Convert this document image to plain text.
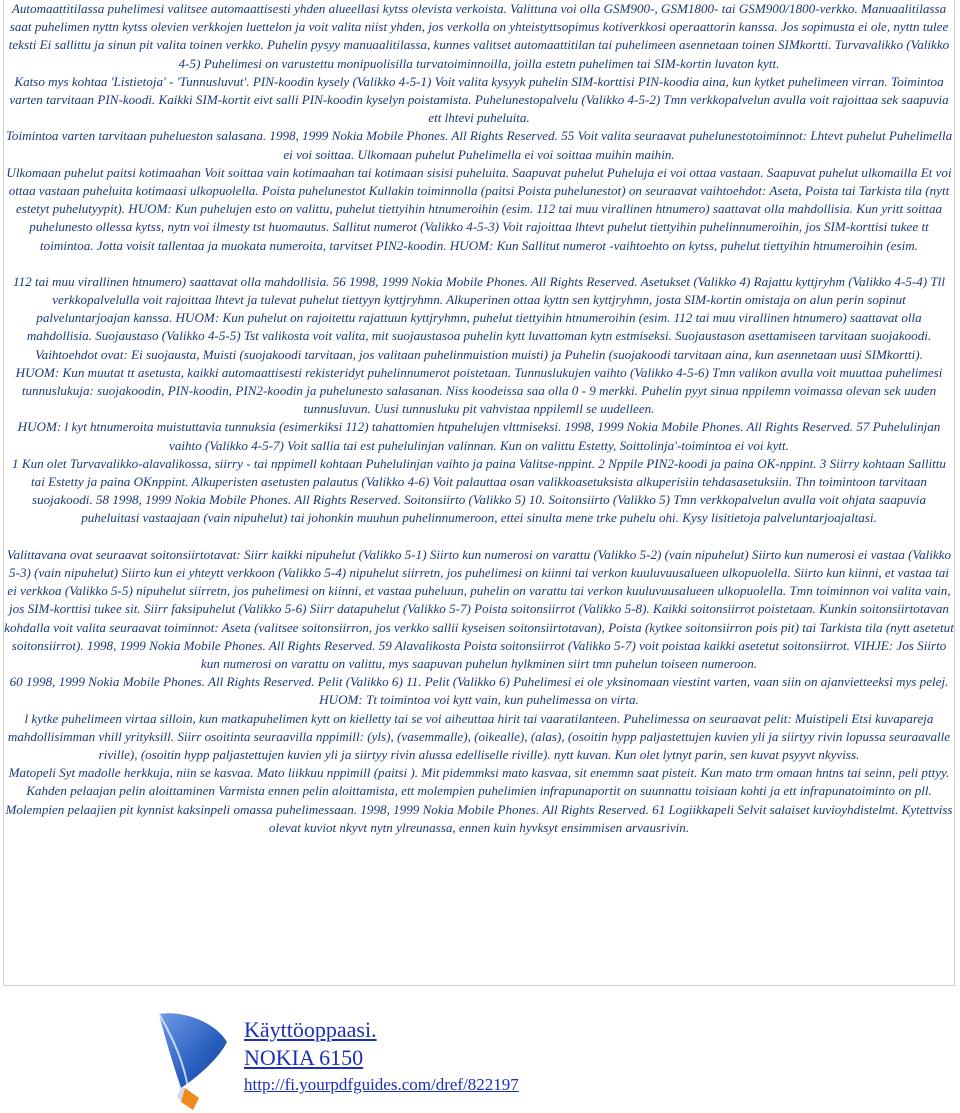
Automaattitilassa puhelimesi valitsee automaattisesti yhden alueellasi kytss olevista verkoista. Valittuna voi olla GSM900-, GSM1800- tai GSM900/1800-verkko. Manuaalitilassa saat puhelimen nyttn kytss olevien verkkojen luettelon ja voit valita niist yhden, jos verkolla on yhteistyttsopimus kotiverkkosi operaattorin kanssa. Jos sopimusta ei ole, nyttn tulee teksti Ei sallittu ja sinun pit valita toinen verkko. Puhelin pysyy manuaalitilassa, kunnes valitset automaattitilan tai puhelimeen asennetaan toinen SIMkortti. Turvavalikko (Valikko 4-5) Puhelimesi on varustettu monipuolisilla turvatoiminnoilla, joilla estetn puhelimen tai SIM-kortin luvaton kytt.

Katso mys kohtaa 'Listietoja' - 'Tunnusluvut'. PIN-koodin kysely (Valikko 4-5-1) Voit valita kysyyk puhelin SIM-korttisi PIN-koodia aina, kun kytket puhelimeen virran. Toimintoa varten tarvitaan PIN-koodi. Kaikki SIM-kortit eivt salli PIN-koodin kyselyn poistamista. Puhelunestopalvelu (Valikko 4-5-2) Tmn verkkopalvelun avulla voit rajoittaa sek saapuvia ett lhtevi puheluita.

Toimintoa varten tarvitaan puhelueston salasana. 1998, 1999 Nokia Mobile Phones. All Rights Reserved. 55 Voit valita seuraavat puhelunestotoiminnot: Lhtevt puhelut Puhelimella ei voi soittaa. Ulkomaan puhelut Puhelimella ei voi soittaa muihin maihin.

Ulkomaan puhelut paitsi kotimaahan Voit soittaa vain kotimaahan tai kotimaan sisisi puheluita. Saapuvat puhelut Puheluja ei voi ottaa vastaan. Saapuvat puhelut ulkomailla Et voi ottaa vastaan puheluita kotimaasi ulkopuolella. Poista puhelunestot Kullakin toiminnolla (paitsi Poista puhelunestot) on seuraavat vaihtoehdot: Aseta, Poista tai Tarkista tila (nytt estetyt puhelutyypit). HUOM: Kun puhelujen esto on valittu, puhelut tiettyihin htnumeroihin (esim. 112 tai muu virallinen htnumero) saattavat olla mahdollisia. Kun yritt soittaa puhelunesto ollessa kytss, nytn voi ilmesty tst huomautus. Sallitut numerot (Valikko 4-5-3) Voit rajoittaa lhtevt puhelut tiettyihin puhelinnumeroihin, jos SIM-korttisi tukee tt toimintoa. Jotta voisit tallentaa ja muokata numeroita, tarvitset PIN2-koodin. HUOM: Kun Sallitut numerot -vaihtoehto on kytss, puhelut tiettyihin htnumeroihin (esim.

112 tai muu virallinen htnumero) saattavat olla mahdollisia. 56 1998, 1999 Nokia Mobile Phones. All Rights Reserved. Asetukset (Valikko 4) Rajattu kyttjryhm (Valikko 4-5-4) Tll verkkopalvelulla voit rajoittaa lhtevt ja tulevat puhelut tiettyyn kyttjryhmn. Alkuperinen ottaa kyttn sen kyttjryhmn, josta SIM-kortin omistaja on alun perin sopinut palveluntarjoajan kanssa. HUOM: Kun puhelut on rajoitettu rajattuun kyttjryhmn, puhelut tiettyihin htnumeroihin (esim. 112 tai muu virallinen htnumero) saattavat olla mahdollisia. Suojaustaso (Valikko 4-5-5) Tst valikosta voit valita, mit suojaustasoa puhelin kytt luvattoman kytn estmiseksi. Suojaustason asettamiseen tarvitaan suojakoodi. Vaihtoehdot ovat: Ei suojausta, Muisti (suojakoodi tarvitaan, jos valitaan puhelinmuistion muisti) ja Puhelin (suojakoodi tarvitaan aina, kun asennetaan uusi SIMkortti).

HUOM: Kun muutat tt asetusta, kaikki automaattisesti rekisteridyt puhelinnumerot poistetaan. Tunnuslukujen vaihto (Valikko 4-5-6) Tmn valikon avulla voit muuttaa puhelimesi tunnuslukuja: suojakoodin, PIN-koodin, PIN2-koodin ja puhelunesto salasanan. Niss koodeissa saa olla 0 - 9 merkki. Puhelin pyyt sinua nppilemn voimassa olevan sek uuden tunnusluvun. Uusi tunnusluku pit vahvistaa nppilemll se uudelleen.

HUOM: l kyt htnumeroita muistuttavia tunnuksia (esimerkiksi 112) tahattomien htpuhelujen vlttmiseksi. 1998, 1999 Nokia Mobile Phones. All Rights Reserved. 57 Puhelulinjan vaihto (Valikko 4-5-7) Voit sallia tai est puhelulinjan valinnan. Kun on valittu Estetty, Soittolinja'-toimintoa ei voi kytt.

1 Kun olet Turvavalikko-alavalikossa, siirry - tai nppimell kohtaan Puhelulinjan vaihto ja paina Valitse-nppint. 2 Nppile PIN2-koodi ja paina OK-nppint. 3 Siirry kohtaan Sallittu tai Estetty ja paina OKnppint. Alkuperisten asetusten palautus (Valikko 4-6) Voit palauttaa osan valikkoasetuksista alkuperisiin tehdasasetuksiin. Thn toimintoon tarvitaan suojakoodi. 58 1998, 1999 Nokia Mobile Phones. All Rights Reserved. Soitonsiirto (Valikko 5) 10. Soitonsiirto (Valikko 5) Tmn verkkopalvelun avulla voit ohjata saapuvia puheluitasi vastaajaan (vain nipuhelut) tai johonkin muuhun puhelinnumeroon, ettei sinulta mene trke puhelu ohi. Kysy lisitietoja palveluntarjoajaltasi.

Valittavana ovat seuraavat soitonsiirtotavat: Siirr kaikki nipuhelut (Valikko 5-1) Siirto kun numerosi on varattu (Valikko 5-2) (vain nipuhelut) Siirto kun numerosi ei vastaa (Valikko 5-3) (vain nipuhelut) Siirto kun ei yhteytt verkkoon (Valikko 5-4) nipuhelut siirretn, jos puhelimesi on kiinni tai verkon kuuluvuusalueen ulkopuolella. Siirto kun kiinni, et vastaa tai ei verkkoa (Valikko 5-5) nipuhelut siirretn, jos puhelimesi on kiinni, et vastaa puheluun, puhelin on varattu tai verkon kuuluvuusalueen ulkopuolella. Tmn toiminnon voi valita vain, jos SIM-korttisi tukee sit. Siirr faksipuhelut (Valikko 5-6) Siirr datapuhelut (Valikko 5-7) Poista soitonsiirrot (Valikko 5-8). Kaikki soitonsiirrot poistetaan. Kunkin soitonsiirtotavan kohdalla voit valita seuraavat toiminnot: Aseta (valitsee soitonsiirron, jos verkko sallii kyseisen soitonsiirtotavan), Poista (kytkee soitonsiirron pois pit) tai Tarkista tila (nytt asetetut soitonsiirrot). 1998, 1999 Nokia Mobile Phones. All Rights Reserved. 59 Alavalikosta Poista soitonsiirrot (Valikko 5-7) voit poistaa kaikki asetetut soitonsiirrot. VIHJE: Jos Siirto kun numerosi on varattu on valittu, mys saapuvan puhelun hylkminen siirt tmn puhelun toiseen numeroon.

60 1998, 1999 Nokia Mobile Phones. All Rights Reserved. Pelit (Valikko 6) 11. Pelit (Valikko 6) Puhelimesi ei ole yksinomaan viestint varten, vaan siin on ajanvietteeksi mys pelej. HUOM: Tt toimintoa voi kytt vain, kun puhelimessa on virta.

l kytke puhelimeen virtaa silloin, kun matkapuhelimen kytt on kielletty tai se voi aiheuttaa hirit tai vaaratilanteen. Puhelimessa on seuraavat pelit: Muistipeli Etsi kuvapareja mahdollisimman vhill yrityksill. Siirr osoitinta seuraavilla nppimill: (yls), (vasemmalle), (oikealle), (alas), (osoitin hypp paljastettujen kuvien yli ja siirtyy rivin lopussa seuraavalle riville), (osoitin hypp paljastettujen kuvien yli ja siirtyy rivin alussa edelliselle riville). nytt kuvan. Kun olet lytnyt parin, sen kuvat psyyvt nkyviss.

Matopeli Syt madolle herkkuja, niin se kasvaa. Mato liikkuu nppimill (paitsi ). Mit pidemmksi mato kasvaa, sit enemmn saat pisteit. Kun mato trm omaan hntns tai seinn, peli pttyy. Kahden pelaajan pelin aloittaminen Varmista ennen pelin aloittamista, ett molempien puhelimien infrapunaportit on suunnattu toisiaan kohti ja ett infrapunatoiminto on pll. Molempien pelaajien pit kynnist kaksinpeli omassa puhelimessaan. 1998, 1999 Nokia Mobile Phones. All Rights Reserved. 61 Logiikkapeli Selvit salaiset kuvioyhdistelmt. Kytettviss olevat kuviot nkyvt nytn ylreunassa, ennen kuin hyvksyt ensimmisen arvausrivin.

Käyttöoppaasi.
NOKIA 6150
http://fi.yourpdfguides.com/dref/822197
